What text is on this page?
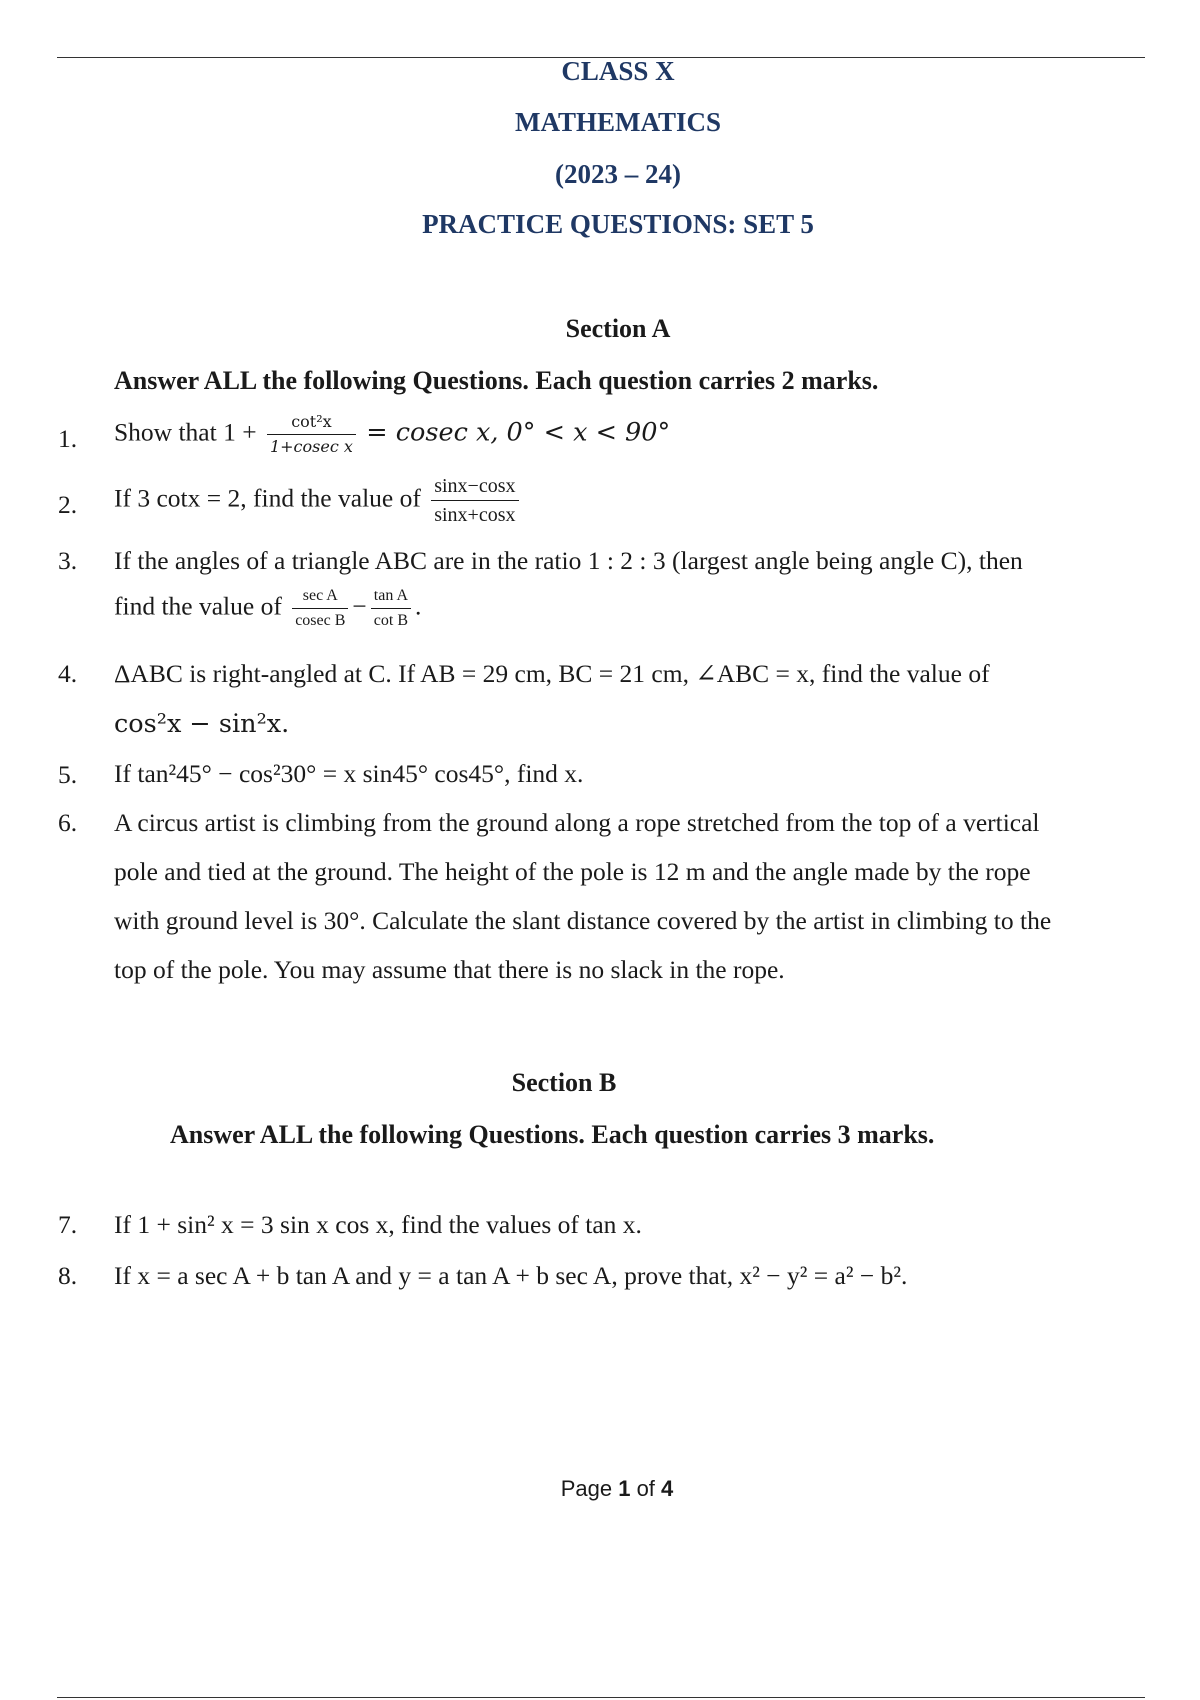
CLASS X
MATHEMATICS
(2023 – 24)
PRACTICE QUESTIONS: SET 5
Section A
Answer ALL the following Questions. Each question carries 2 marks.
1. Show that $1 + \frac{\text{cot²x}}{\text{1+cosec x}} = cosec$ x, 0° < x < 90°
2. If 3 cotx = 2, find the value of $\frac{\sin x-\cos x}{\sin x+\cos x}$
3. If the angles of a triangle ABC are in the ratio 1 : 2 : 3 (largest angle being angle C), then
find the value of $\frac{\text{sec A}}{\text{cosec B}} - \frac{\text{tan A}}{\text{cot B}}$ .
4. ΔABC is right-angled at C. If AB = 29 cm, BC = 21 cm, ∠ABC = x, find the value of
cos²x − sin²x.
5. If tan²45° − cos²30° = x sin45° cos45°, find x.
6. A circus artist is climbing from the ground along a rope stretched from the top of a vertical
pole and tied at the ground. The height of the pole is 12 m and the angle made by the rope
with ground level is 30°. Calculate the slant distance covered by the artist in climbing to the
top of the pole. You may assume that there is no slack in the rope.
Section B
Answer ALL the following Questions. Each question carries 3 marks.
7. If 1 + sin² x = 3 sin x cos x, find the values of tan x.
8. If x = a sec A + b tan A and y = a tan A + b sec A, prove that, x² − y² = a² − b².
Page 1 of 4
